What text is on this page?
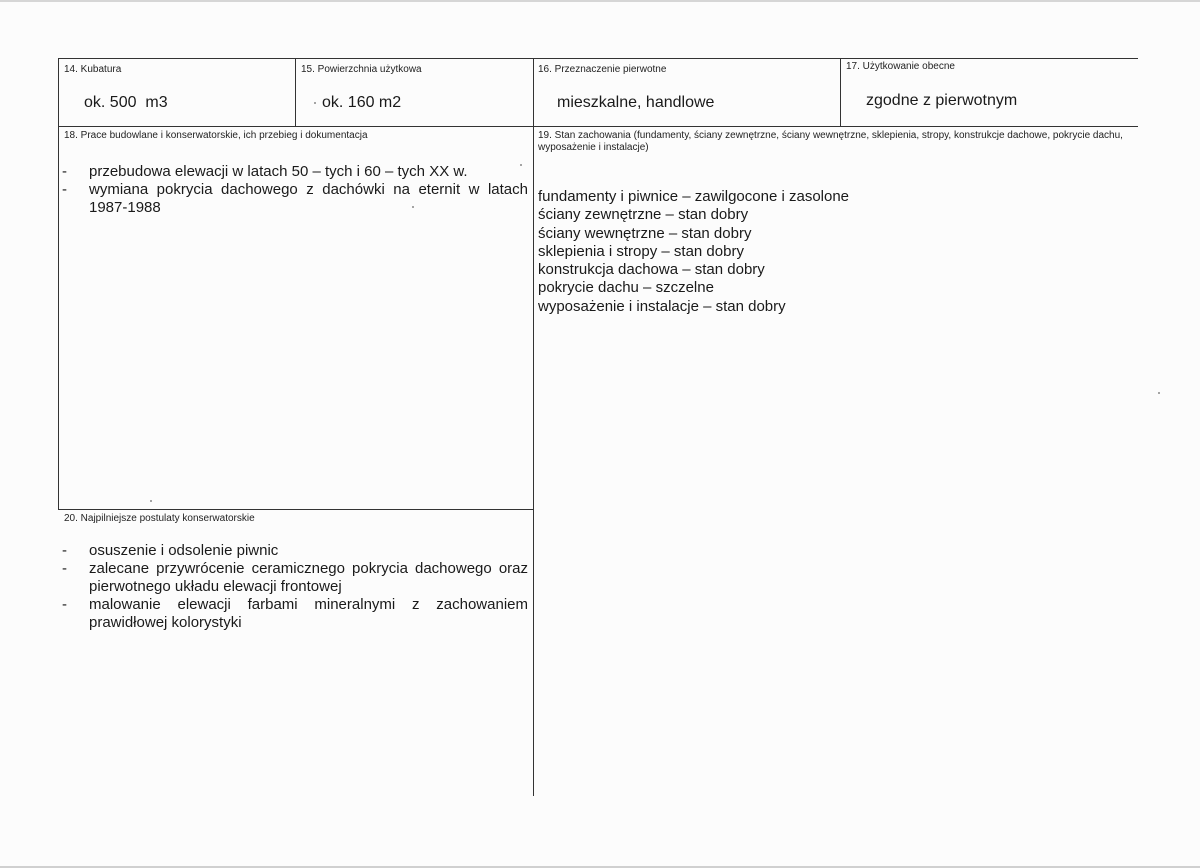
14. Kubatura
ok. 500  m3
15. Powierzchnia użytkowa
ok. 160 m2
16. Przeznaczenie pierwotne
mieszkalne, handlowe
17. Użytkowanie obecne
zgodne z pierwotnym
18. Prace budowlane i konserwatorskie, ich przebieg i dokumentacja
- przebudowa elewacji w latach 50 – tych i 60 – tych XX w.
- wymiana pokrycia dachowego z dachówki na eternit w latach 1987-1988
19. Stan zachowania (fundamenty, ściany zewnętrzne, ściany wewnętrzne, sklepienia, stropy, konstrukcje dachowe, pokrycie dachu, wyposażenie i instalacje)
fundamenty i piwnice – zawilgocone i zasolone
ściany zewnętrzne – stan dobry
ściany wewnętrzne – stan dobry
sklepienia i stropy – stan dobry
konstrukcja dachowa – stan dobry
pokrycie dachu – szczelne
wyposażenie i instalacje – stan dobry
20. Najpilniejsze postulaty konserwatorskie
- osuszenie i odsolenie piwnic
- zalecane przywrócenie ceramicznego pokrycia dachowego oraz pierwotnego układu elewacji frontowej
- malowanie elewacji farbami mineralnymi z zachowaniem prawidłowej kolorystyki
